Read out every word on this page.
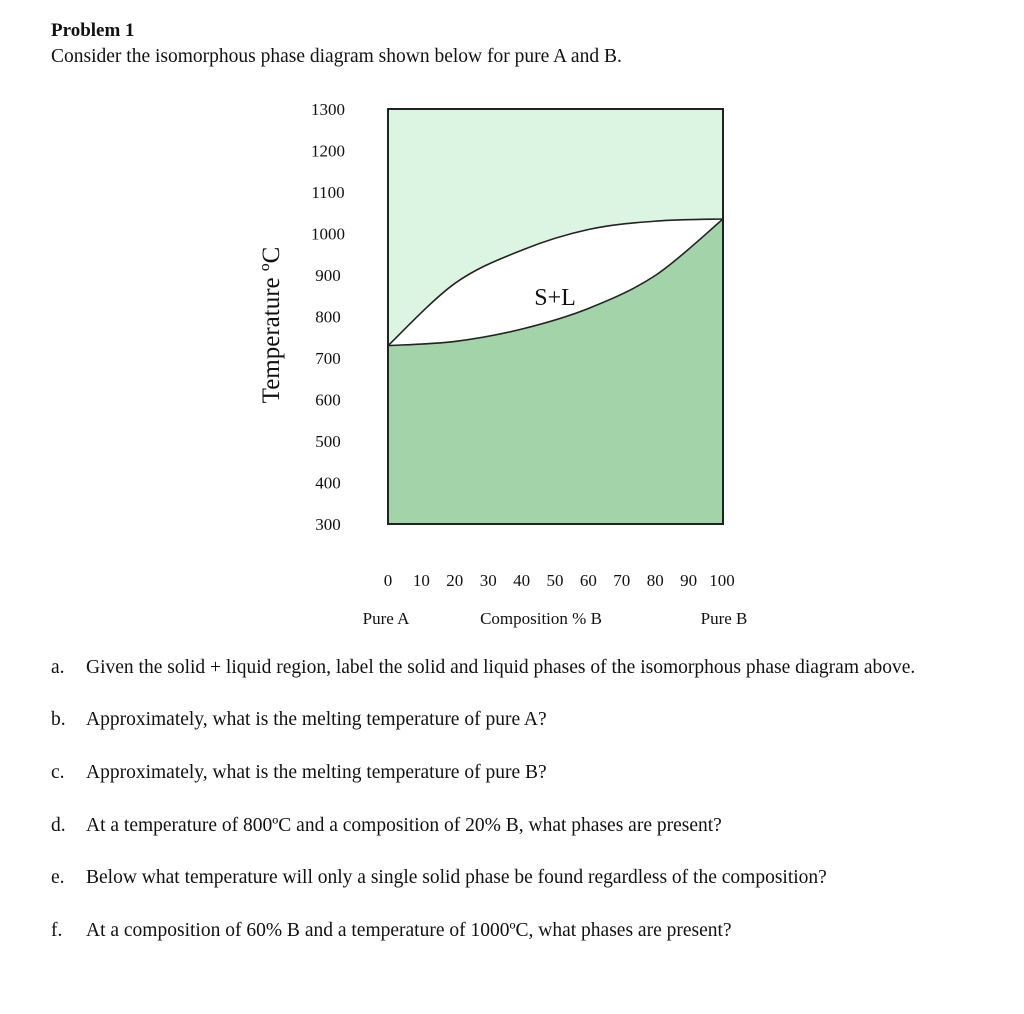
Problem 1
Consider the isomorphous phase diagram shown below for pure A and B.
S+L
1300
1200
1100
1000
900
800
700
600
500
400
300
0 10 20 30 40 50 60 70 80 90 100
Temperature ºC
Pure A	Composition % B	Pure B
a.	Given the solid + liquid region, label the solid and liquid phases of the isomorphous phase diagram above.
b.	Approximately, what is the melting temperature of pure A?
c.	Approximately, what is the melting temperature of pure B?
d.	At a temperature of 800ºC and a composition of 20% B, what phases are present?
e.	Below what temperature will only a single solid phase be found regardless of the composition?
f.	At a composition of 60% B and a temperature of 1000ºC, what phases are present?
